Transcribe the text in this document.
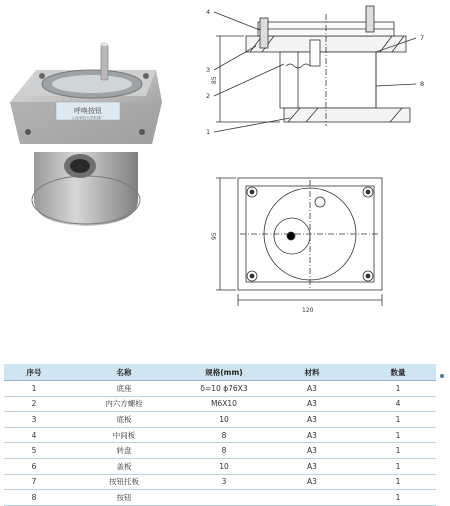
呼唤按钮
山东科技大学机械厂
4
3
2
1
7
8
85
95
120
序号	名称	规格(mm)	材料	数量
1	底座	δ=10 ϕ76X3	A3	1
2	内六方螺栓	M6X10	A3	4
3	底板	10	A3	1
4	中间板	8	A3	1
5	转盘	8	A3	1
6	盖板	10	A3	1
7	按钮托板	3	A3	1
8	按钮			1
